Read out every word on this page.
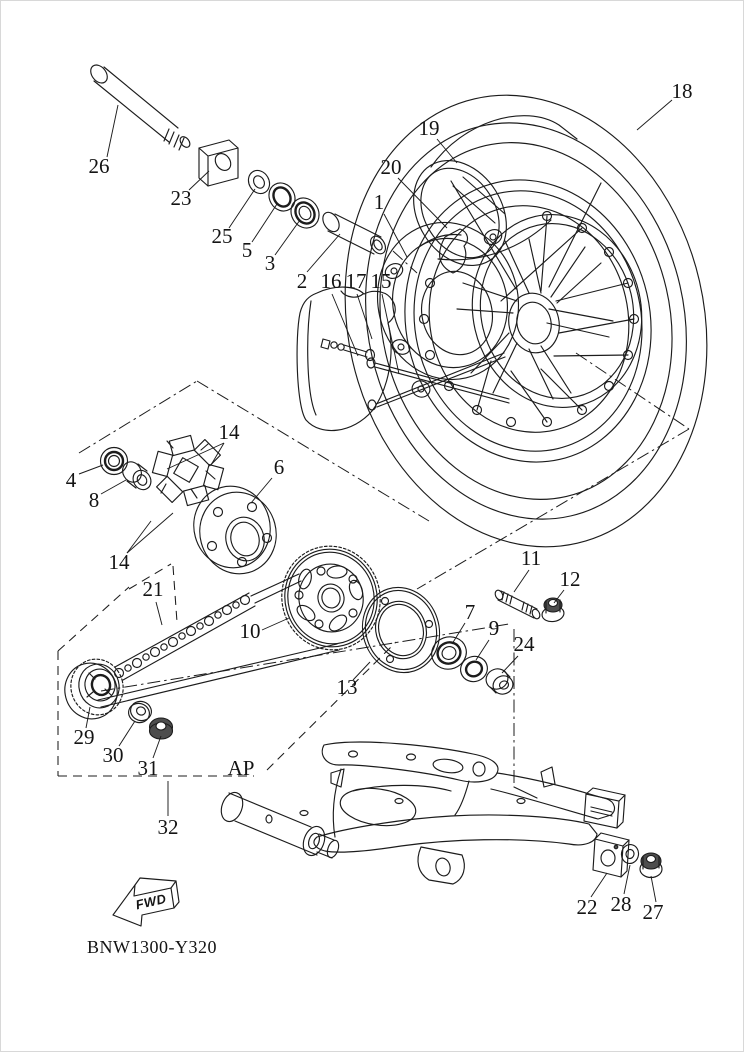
FWD
BNW1300-Y320
26
23
25
5
3
2 16 17 15
1
20
19
18
4
8
14
14
6
21
10
13
29
30
31
32
11
12
7
9
24
22 28 27
AP
